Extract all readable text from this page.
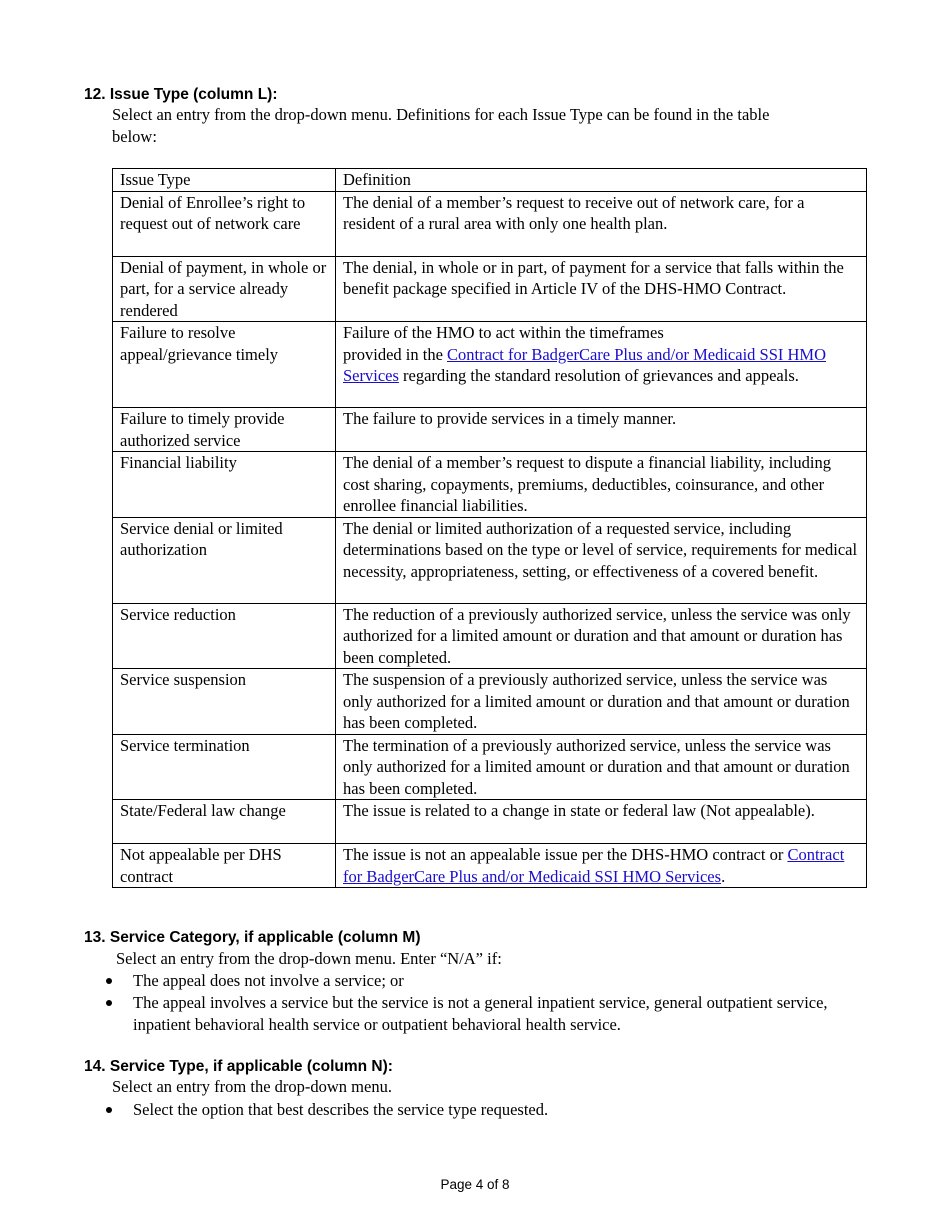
12. Issue Type (column L):
Select an entry from the drop-down menu. Definitions for each Issue Type can be found in the table
below:
Issue Type	Definition
Denial of Enrollee’s right to request out of network care	The denial of a member’s request to receive out of network care, for a resident of a rural area with only one health plan.
Denial of payment, in whole or part, for a service already rendered	The denial, in whole or in part, of payment for a service that falls within the benefit package specified in Article IV of the DHS-HMO Contract.
Failure to resolve appeal/grievance timely	Failure of the HMO to act within the timeframes
provided in the Contract for BadgerCare Plus and/or Medicaid SSI HMO Services regarding the standard resolution of grievances and appeals.
Failure to timely provide authorized service	The failure to provide services in a timely manner.
Financial liability	The denial of a member’s request to dispute a financial liability, including cost sharing, copayments, premiums, deductibles, coinsurance, and other enrollee financial liabilities.
Service denial or limited authorization	The denial or limited authorization of a requested service, including determinations based on the type or level of service, requirements for medical necessity, appropriateness, setting, or effectiveness of a covered benefit.
Service reduction	The reduction of a previously authorized service, unless the service was only authorized for a limited amount or duration and that amount or duration has been completed.
Service suspension	The suspension of a previously authorized service, unless the service was only authorized for a limited amount or duration and that amount or duration has been completed.
Service termination	The termination of a previously authorized service, unless the service was only authorized for a limited amount or duration and that amount or duration has been completed.
State/Federal law change	The issue is related to a change in state or federal law (Not appealable).
Not appealable per DHS contract	The issue is not an appealable issue per the DHS-HMO contract or Contract for BadgerCare Plus and/or Medicaid SSI HMO Services.
13. Service Category, if applicable (column M)
Select an entry from the drop-down menu. Enter “N/A” if:
The appeal does not involve a service; or
The appeal involves a service but the service is not a general inpatient service, general outpatient service, inpatient behavioral health service or outpatient behavioral health service.
14. Service Type, if applicable (column N):
Select an entry from the drop-down menu.
Select the option that best describes the service type requested.
Page 4 of 8
